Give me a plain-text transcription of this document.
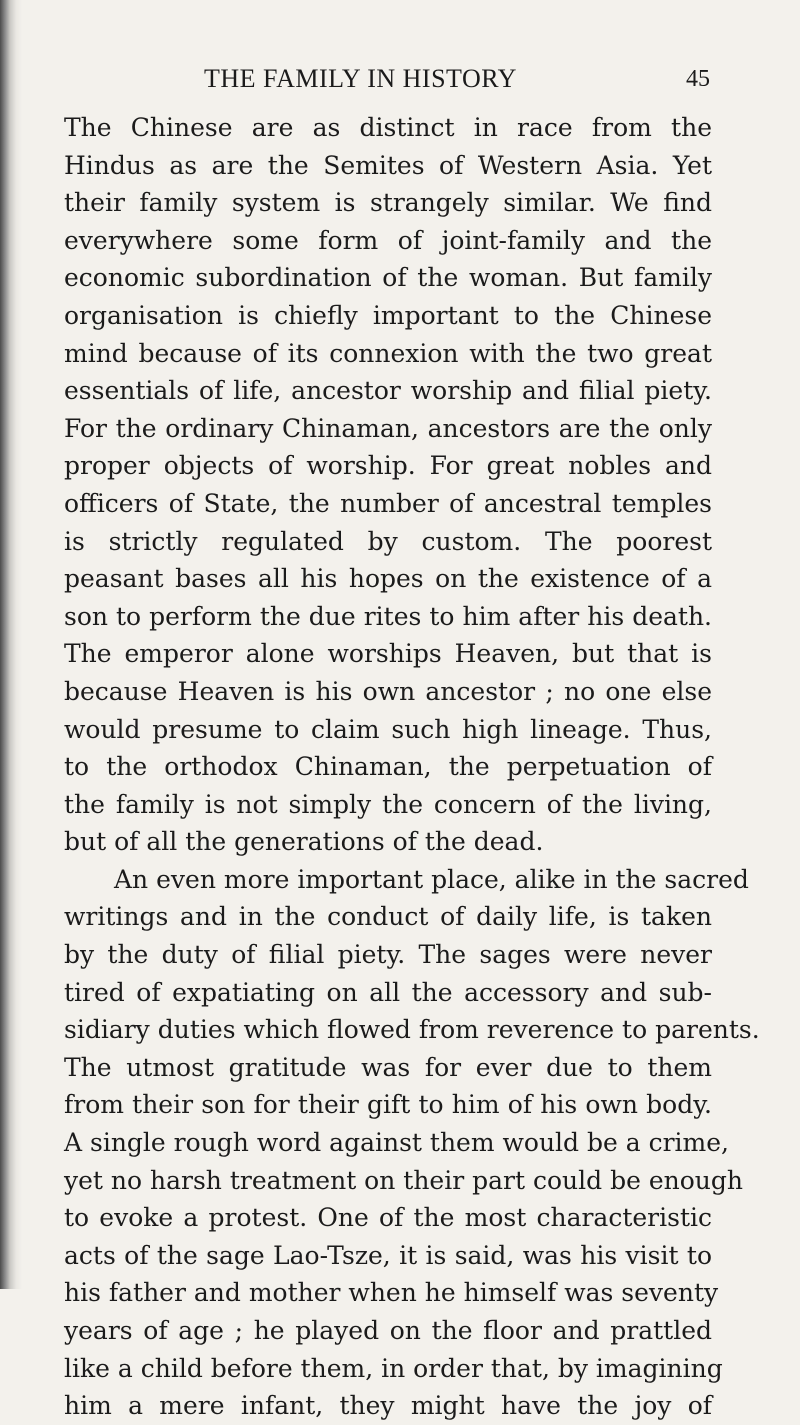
THE FAMILY IN HISTORY	45
The Chinese are as distinct in race from the
Hindus as are the Semites of Western Asia. Yet
their family system is strangely similar. We find
everywhere some form of joint-family and the
economic subordination of the woman. But family
organisation is chiefly important to the Chinese
mind because of its connexion with the two great
essentials of life, ancestor worship and filial piety.
For the ordinary Chinaman, ancestors are the only
proper objects of worship. For great nobles and
officers of State, the number of ancestral temples
is strictly regulated by custom. The poorest
peasant bases all his hopes on the existence of a
son to perform the due rites to him after his death.
The emperor alone worships Heaven, but that is
because Heaven is his own ancestor ; no one else
would presume to claim such high lineage. Thus,
to the orthodox Chinaman, the perpetuation of
the family is not simply the concern of the living,
but of all the generations of the dead.
An even more important place, alike in the sacred
writings and in the conduct of daily life, is taken
by the duty of filial piety. The sages were never
tired of expatiating on all the accessory and sub-
sidiary duties which flowed from reverence to parents.
The utmost gratitude was for ever due to them
from their son for their gift to him of his own body.
A single rough word against them would be a crime,
yet no harsh treatment on their part could be enough
to evoke a protest. One of the most characteristic
acts of the sage Lao-Tsze, it is said, was his visit to
his father and mother when he himself was seventy
years of age ; he played on the floor and prattled
like a child before them, in order that, by imagining
him a mere infant, they might have the joy of
